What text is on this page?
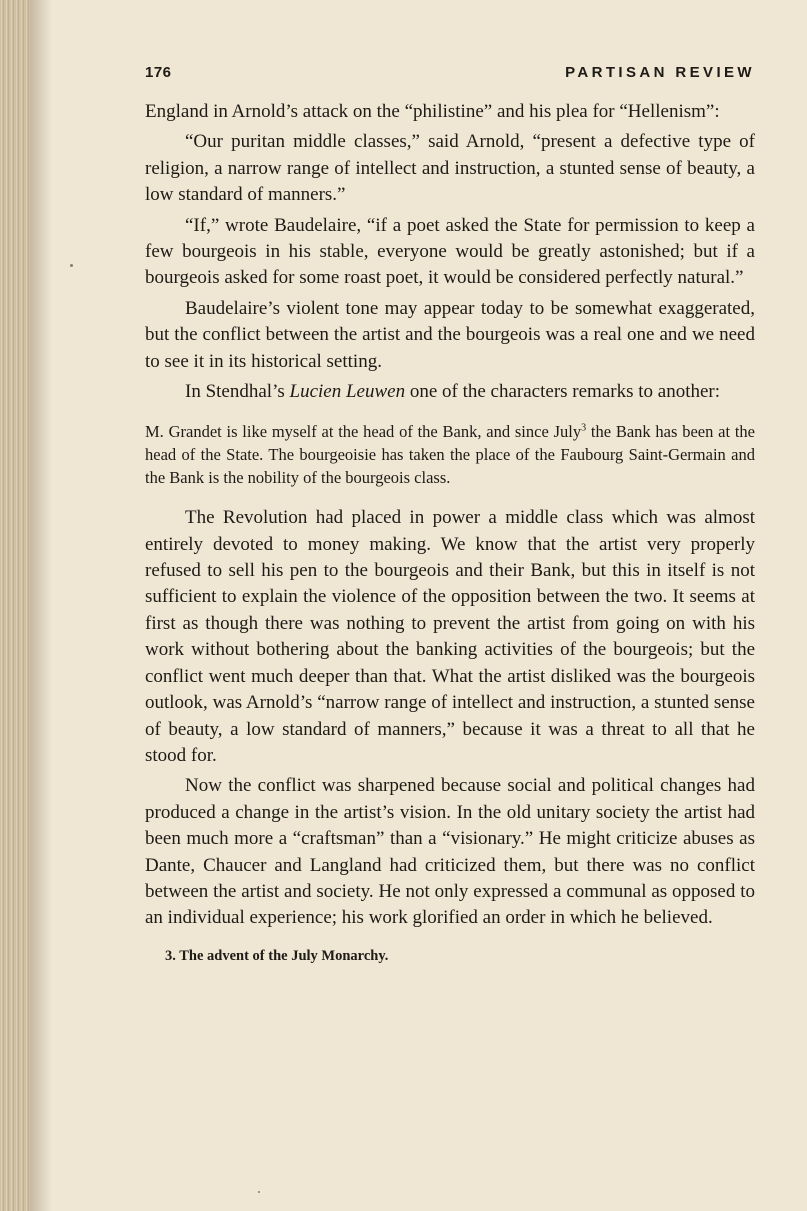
176	PARTISAN REVIEW

England in Arnold’s attack on the “philistine” and his plea for “Hellenism”:

“Our puritan middle classes,” said Arnold, “present a defective type of religion, a narrow range of intellect and instruction, a stunted sense of beauty, a low standard of manners.”

“If,” wrote Baudelaire, “if a poet asked the State for permission to keep a few bourgeois in his stable, everyone would be greatly astonished; but if a bourgeois asked for some roast poet, it would be considered perfectly natural.”

Baudelaire’s violent tone may appear today to be somewhat exaggerated, but the conflict between the artist and the bourgeois was a real one and we need to see it in its historical setting.

In Stendhal’s Lucien Leuwen one of the characters remarks to another:

M. Grandet is like myself at the head of the Bank, and since July$^3$ the Bank has been at the head of the State. The bourgeoisie has taken the place of the Faubourg Saint-Germain and the Bank is the nobility of the bourgeois class.

The Revolution had placed in power a middle class which was almost entirely devoted to money making. We know that the artist very properly refused to sell his pen to the bourgeois and their Bank, but this in itself is not sufficient to explain the violence of the opposition between the two. It seems at first as though there was nothing to prevent the artist from going on with his work without bothering about the banking activities of the bourgeois; but the conflict went much deeper than that. What the artist disliked was the bourgeois outlook, was Arnold’s “narrow range of intellect and instruction, a stunted sense of beauty, a low standard of manners,” because it was a threat to all that he stood for.

Now the conflict was sharpened because social and political changes had produced a change in the artist’s vision. In the old unitary society the artist had been much more a “craftsman” than a “visionary.” He might criticize abuses as Dante, Chaucer and Langland had criticized them, but there was no conflict between the artist and society. He not only expressed a communal as opposed to an individual experience; his work glorified an order in which he believed.

3. The advent of the July Monarchy.
